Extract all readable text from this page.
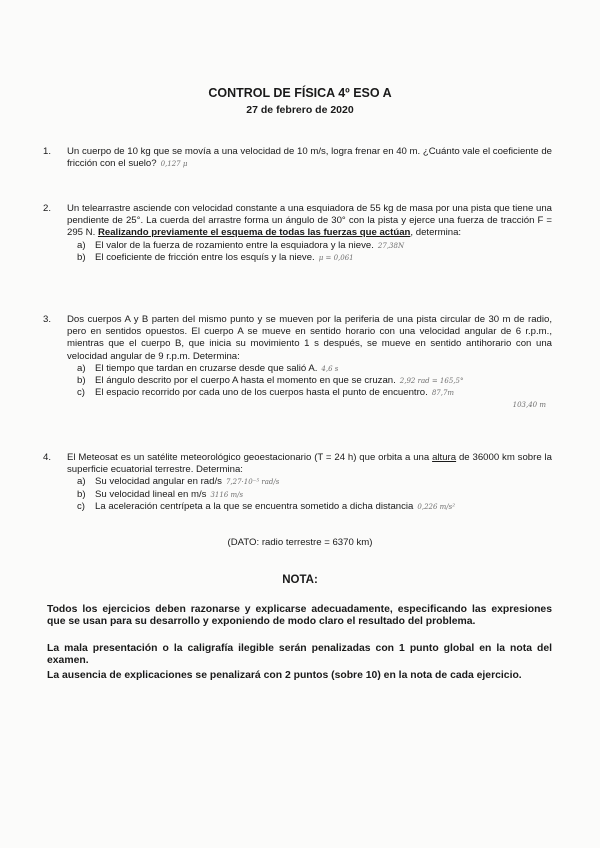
CONTROL DE FÍSICA 4º ESO A
27 de febrero de 2020
1. Un cuerpo de 10 kg que se movía a una velocidad de 10 m/s, logra frenar en 40 m. ¿Cuánto vale el coeficiente de fricción con el suelo? 0,127 μ
2. Un telearrastre asciende con velocidad constante a una esquiadora de 55 kg de masa por una pista que tiene una pendiente de 25°. La cuerda del arrastre forma un ángulo de 30° con la pista y ejerce una fuerza de tracción F = 295 N. Realizando previamente el esquema de todas las fuerzas que actúan, determina:
a) El valor de la fuerza de rozamiento entre la esquiadora y la nieve. 27,38N
b) El coeficiente de fricción entre los esquís y la nieve. μ = 0,061
3. Dos cuerpos A y B parten del mismo punto y se mueven por la periferia de una pista circular de 30 m de radio, pero en sentidos opuestos. El cuerpo A se mueve en sentido horario con una velocidad angular de 6 r.p.m., mientras que el cuerpo B, que inicia su movimiento 1 s después, se mueve en sentido antihorario con una velocidad angular de 9 r.p.m. Determina:
a) El tiempo que tardan en cruzarse desde que salió A. 4,6 s
b) El ángulo descrito por el cuerpo A hasta el momento en que se cruzan. 2,92 rad = 165,5°
c) El espacio recorrido por cada uno de los cuerpos hasta el punto de encuentro. 87,7m
103,40 m
4. El Meteosat es un satélite meteorológico geoestacionario (T = 24 h) que orbita a una altura de 36000 km sobre la superficie ecuatorial terrestre. Determina:
a) Su velocidad angular en rad/s 7,27·10⁻⁵ rad/s
b) Su velocidad lineal en m/s 3116 m/s
c) La aceleración centrípeta a la que se encuentra sometido a dicha distancia 0,226 m/s²
(DATO: radio terrestre = 6370 km)
NOTA:
Todos los ejercicios deben razonarse y explicarse adecuadamente, especificando las expresiones que se usan para su desarrollo y exponiendo de modo claro el resultado del problema.
La mala presentación o la caligrafía ilegible serán penalizadas con 1 punto global en la nota del examen.
La ausencia de explicaciones se penalizará con 2 puntos (sobre 10) en la nota de cada ejercicio.
